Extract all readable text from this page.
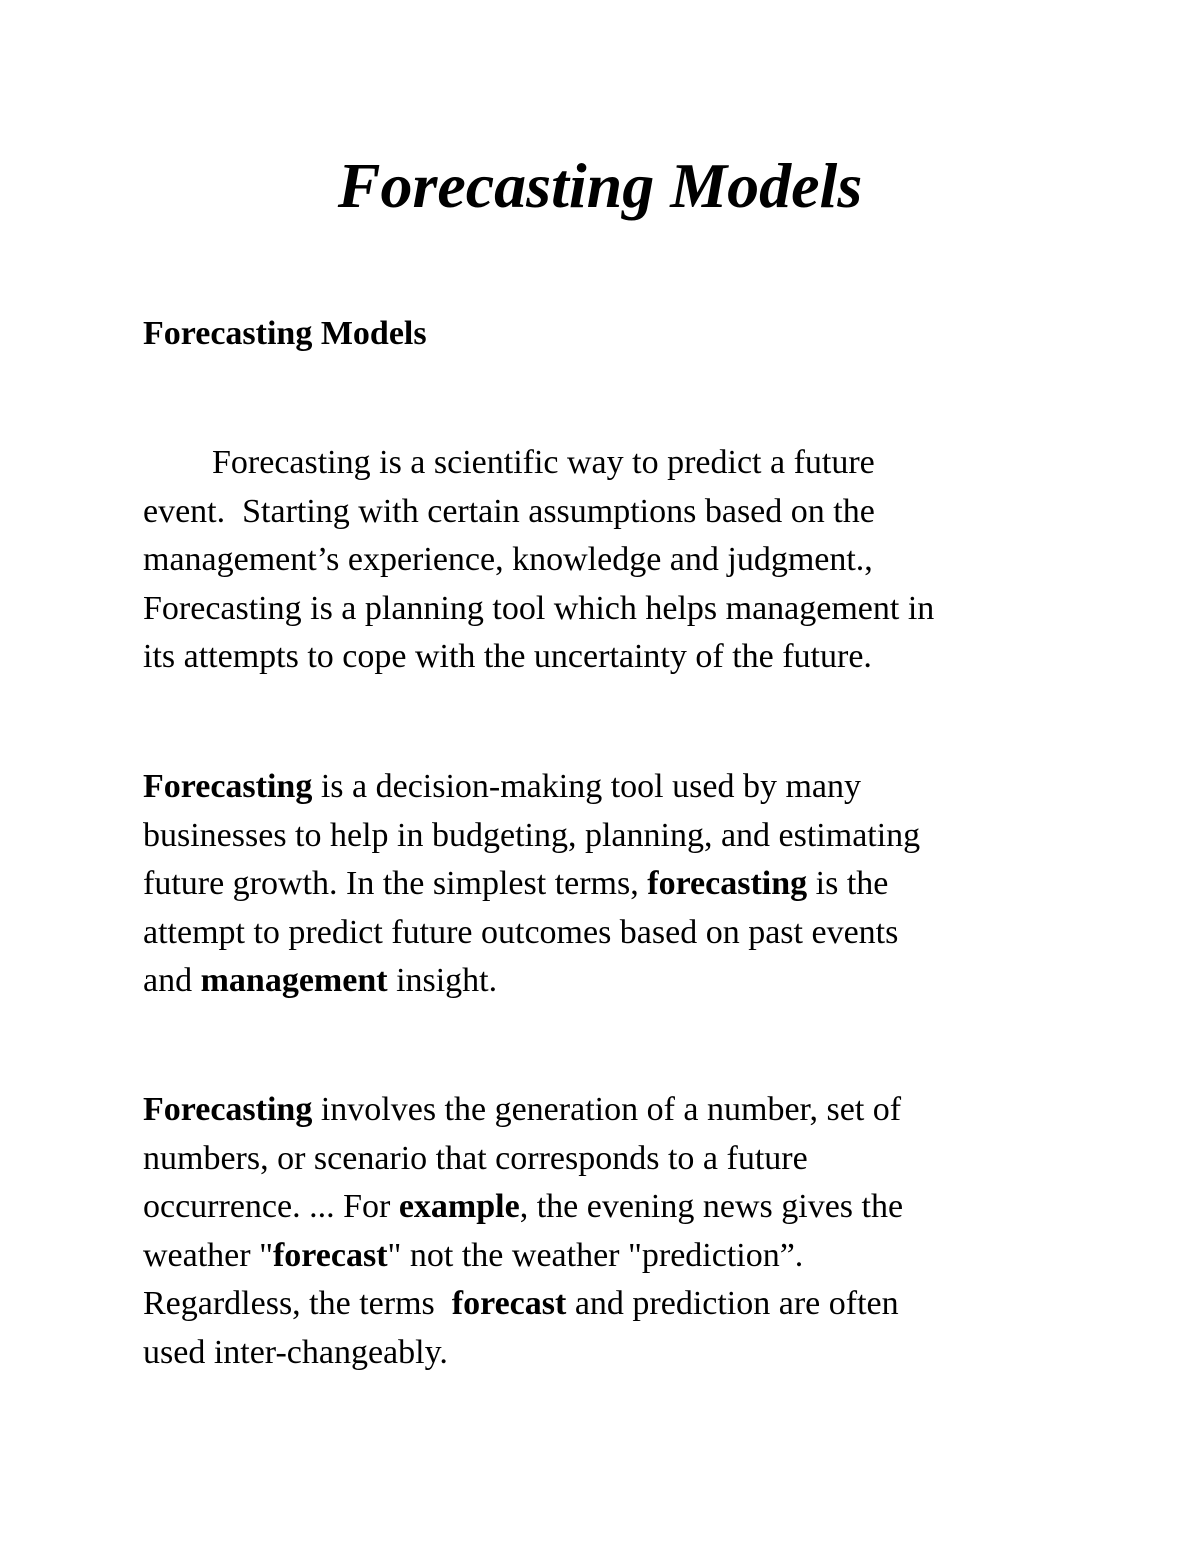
Forecasting Models
Forecasting Models

Forecasting is a scientific way to predict a future
event.  Starting with certain assumptions based on the
management’s experience, knowledge and judgment.,
Forecasting is a planning tool which helps management in
its attempts to cope with the uncertainty of the future.

Forecasting is a decision-making tool used by many
businesses to help in budgeting, planning, and estimating
future growth. In the simplest terms, forecasting is the
attempt to predict future outcomes based on past events
and management insight.

Forecasting involves the generation of a number, set of
numbers, or scenario that corresponds to a future
occurrence. ... For example, the evening news gives the
weather "forecast" not the weather "prediction”.
Regardless, the terms  forecast and prediction are often
used inter-changeably.
